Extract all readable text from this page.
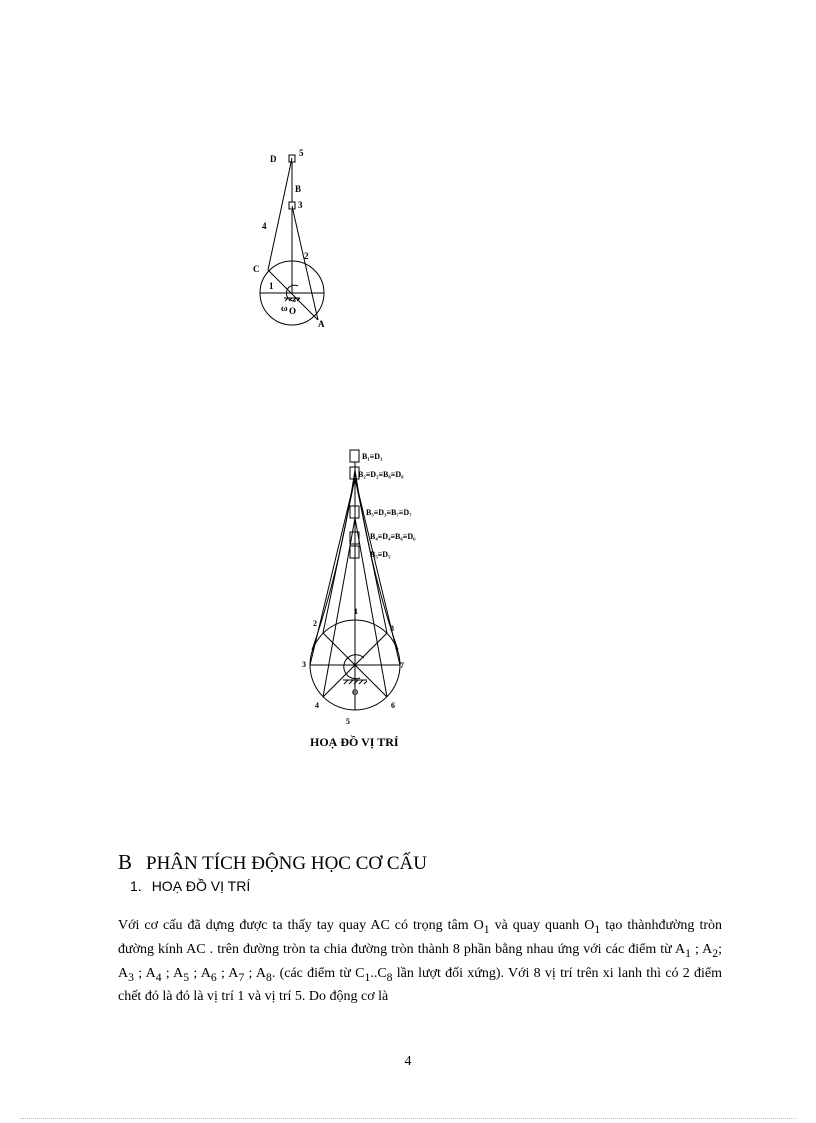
D
5
B
3
4
2
C
1
ω O
A
B₁≡D₁
B₂≡D₂≡B₈≡D₈
B₃≡D₃≡B₇≡D₇
B₄≡D₄≡B₆≡D₆
B₅≡D₅
1
2
8
3	7
4	6
5
O
HOẠ ĐỒ VỊ TRÍ
B PHÂN TÍCH ĐỘNG HỌC CƠ CẤU
1. HOẠ ĐỒ VỊ TRÍ

Với cơ cấu đã dựng được ta thấy tay quay AC có trọng tâm $O_1$ và quay quanh $O_1$ tạo thànhđường tròn đường kính AC . trên đường tròn ta chia đường tròn thành 8 phần bằng nhau ứng với các điểm từ $A_1$ ; $A_2$; $A_3$ ; $A_4$ ; $A_5$ ; $A_6$ ; $A_7$ ; $A_8$. (các điểm từ $C_1..C_8$ lần lượt đối xứng). Với 8 vị trí trên xi lanh thì có 2 điểm chết đó là đó là vị trí 1 và vị trí 5. Do động cơ là

4
